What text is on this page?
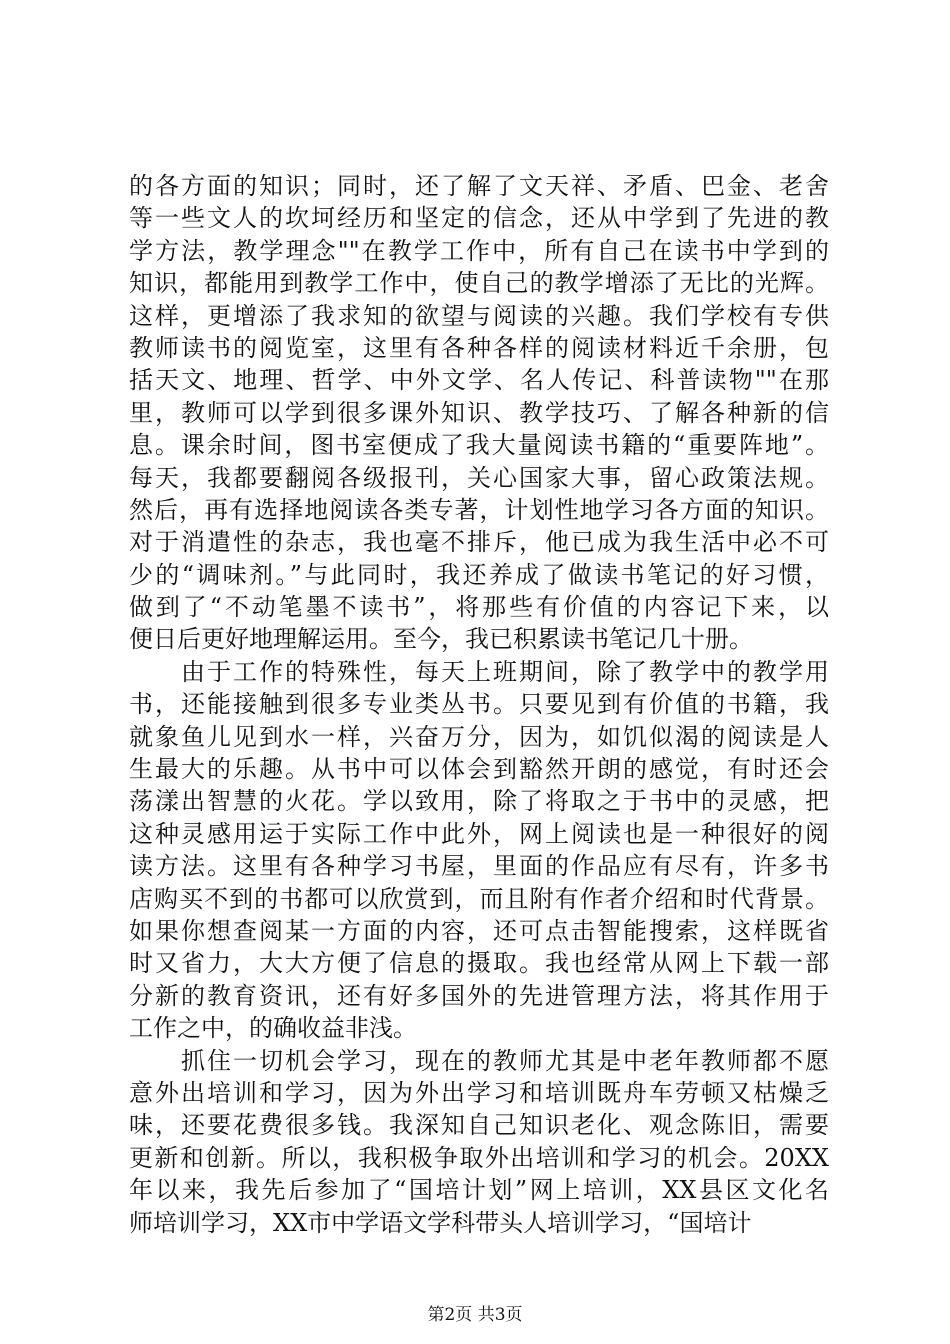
的各方面的知识；同时，还了解了文天祥、矛盾、巴金、老舍
等一些文人的坎坷经历和坚定的信念，还从中学到了先进的教
学方法，教学理念""在教学工作中，所有自己在读书中学到的
知识，都能用到教学工作中，使自己的教学增添了无比的光辉。
这样，更增添了我求知的欲望与阅读的兴趣。我们学校有专供
教师读书的阅览室，这里有各种各样的阅读材料近千余册，包
括天文、地理、哲学、中外文学、名人传记、科普读物""在那
里，教师可以学到很多课外知识、教学技巧、了解各种新的信
息。课余时间，图书室便成了我大量阅读书籍的“重要阵地”。
每天，我都要翻阅各级报刊，关心国家大事，留心政策法规。
然后，再有选择地阅读各类专著，计划性地学习各方面的知识。
对于消遣性的杂志，我也毫不排斥，他已成为我生活中必不可
少的“调味剂。”与此同时，我还养成了做读书笔记的好习惯，
做到了“不动笔墨不读书”，将那些有价值的内容记下来，以
便日后更好地理解运用。至今，我已积累读书笔记几十册。
　　由于工作的特殊性，每天上班期间，除了教学中的教学用
书，还能接触到很多专业类丛书。只要见到有价值的书籍，我
就象鱼儿见到水一样，兴奋万分，因为，如饥似渴的阅读是人
生最大的乐趣。从书中可以体会到豁然开朗的感觉，有时还会
荡漾出智慧的火花。学以致用，除了将取之于书中的灵感，把
这种灵感用运于实际工作中此外，网上阅读也是一种很好的阅
读方法。这里有各种学习书屋，里面的作品应有尽有，许多书
店购买不到的书都可以欣赏到，而且附有作者介绍和时代背景。
如果你想查阅某一方面的内容，还可点击智能搜索，这样既省
时又省力，大大方便了信息的摄取。我也经常从网上下载一部
分新的教育资讯，还有好多国外的先进管理方法，将其作用于
工作之中，的确收益非浅。
　　抓住一切机会学习，现在的教师尤其是中老年教师都不愿
意外出培训和学习，因为外出学习和培训既舟车劳顿又枯燥乏
味，还要花费很多钱。我深知自己知识老化、观念陈旧，需要
更新和创新。所以，我积极争取外出培训和学习的机会。20XX
年以来，我先后参加了“国培计划”网上培训，XX县区文化名
师培训学习，XX市中学语文学科带头人培训学习，“国培计
第2页 共3页
